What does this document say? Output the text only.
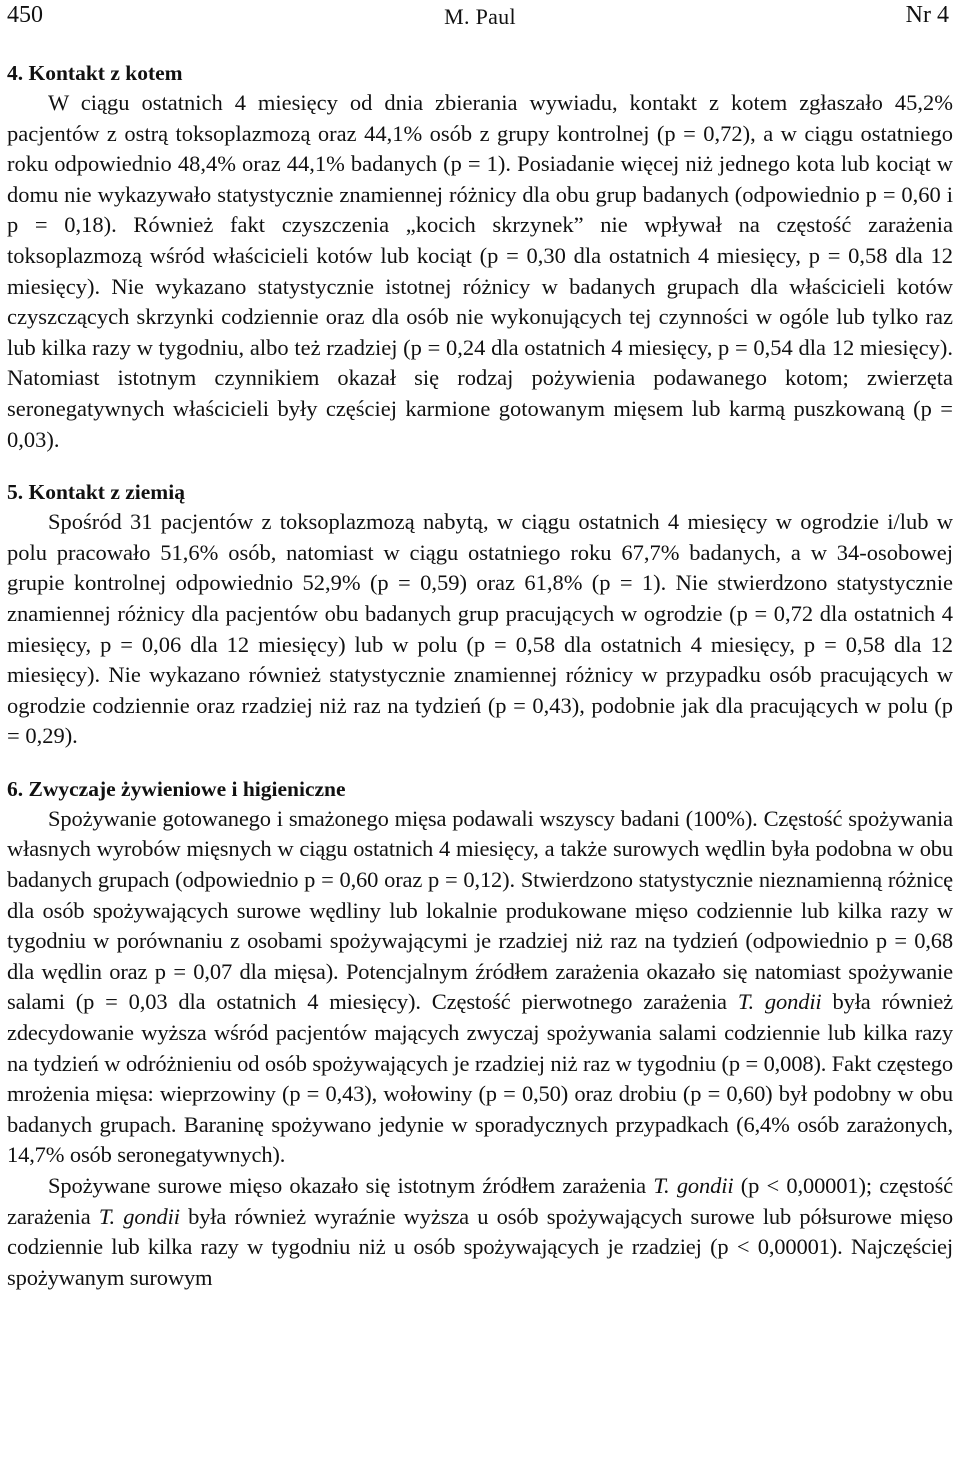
450	M. Paul	Nr 4
4. Kontakt z kotem

W ciągu ostatnich 4 miesięcy od dnia zbierania wywiadu, kontakt z kotem zgłaszało 45,2% pacjentów z ostrą toksoplazmozą oraz 44,1% osób z grupy kontrolnej (p = 0,72), a w ciągu ostatniego roku odpowiednio 48,4% oraz 44,1% badanych (p = 1). Posiadanie więcej niż jednego kota lub kociąt w domu nie wykazywało statystycznie znamiennej różnicy dla obu grup badanych (odpowiednio p = 0,60 i p = 0,18). Również fakt czyszczenia „kocich skrzynek” nie wpływał na częstość zarażenia toksoplazmozą wśród właścicieli kotów lub kociąt (p = 0,30 dla ostatnich 4 miesięcy, p = 0,58 dla 12 miesięcy). Nie wykazano statystycznie istotnej różnicy w badanych grupach dla właścicieli kotów czyszczących skrzynki codziennie oraz dla osób nie wykonujących tej czynności w ogóle lub tylko raz lub kilka razy w tygodniu, albo też rzadziej (p = 0,24 dla ostatnich 4 miesięcy, p = 0,54 dla 12 miesięcy). Natomiast istotnym czynnikiem okazał się rodzaj pożywienia podawanego kotom; zwierzęta seronegatywnych właścicieli były częściej karmione gotowanym mięsem lub karmą puszkowaną (p = 0,03).

5. Kontakt z ziemią

Spośród 31 pacjentów z toksoplazmozą nabytą, w ciągu ostatnich 4 miesięcy w ogrodzie i/lub w polu pracowało 51,6% osób, natomiast w ciągu ostatniego roku 67,7% badanych, a w 34-osobowej grupie kontrolnej odpowiednio 52,9% (p = 0,59) oraz 61,8% (p = 1). Nie stwierdzono statystycznie znamiennej różnicy dla pacjentów obu badanych grup pracujących w ogrodzie (p = 0,72 dla ostatnich 4 miesięcy, p = 0,06 dla 12 miesięcy) lub w polu (p = 0,58 dla ostatnich 4 miesięcy, p = 0,58 dla 12 miesięcy). Nie wykazano również statystycznie znamiennej różnicy w przypadku osób pracujących w ogrodzie codziennie oraz rzadziej niż raz na tydzień (p = 0,43), podobnie jak dla pracujących w polu (p = 0,29).

6. Zwyczaje żywieniowe i higieniczne

Spożywanie gotowanego i smażonego mięsa podawali wszyscy badani (100%). Częstość spożywania własnych wyrobów mięsnych w ciągu ostatnich 4 miesięcy, a także surowych wędlin była podobna w obu badanych grupach (odpowiednio p = 0,60 oraz p = 0,12). Stwierdzono statystycznie nieznamienną różnicę dla osób spożywających surowe wędliny lub lokalnie produkowane mięso codziennie lub kilka razy w tygodniu w porównaniu z osobami spożywającymi je rzadziej niż raz na tydzień (odpowiednio p = 0,68 dla wędlin oraz p = 0,07 dla mięsa). Potencjalnym źródłem zarażenia okazało się natomiast spożywanie salami (p = 0,03 dla ostatnich 4 miesięcy). Częstość pierwotnego zarażenia T. gondii była również zdecydowanie wyższa wśród pacjentów mających zwyczaj spożywania salami codziennie lub kilka razy na tydzień w odróżnieniu od osób spożywających je rzadziej niż raz w tygodniu (p = 0,008). Fakt częstego mrożenia mięsa: wieprzowiny (p = 0,43), wołowiny (p = 0,50) oraz drobiu (p = 0,60) był podobny w obu badanych grupach. Baraninę spożywano jedynie w sporadycznych przypadkach (6,4% osób zarażonych, 14,7% osób seronegatywnych).

Spożywane surowe mięso okazało się istotnym źródłem zarażenia T. gondii (p < 0,00001); częstość zarażenia T. gondii była również wyraźnie wyższa u osób spożywających surowe lub półsurowe mięso codziennie lub kilka razy w tygodniu niż u osób spożywających je rzadziej (p < 0,00001). Najczęściej spożywanym surowym
